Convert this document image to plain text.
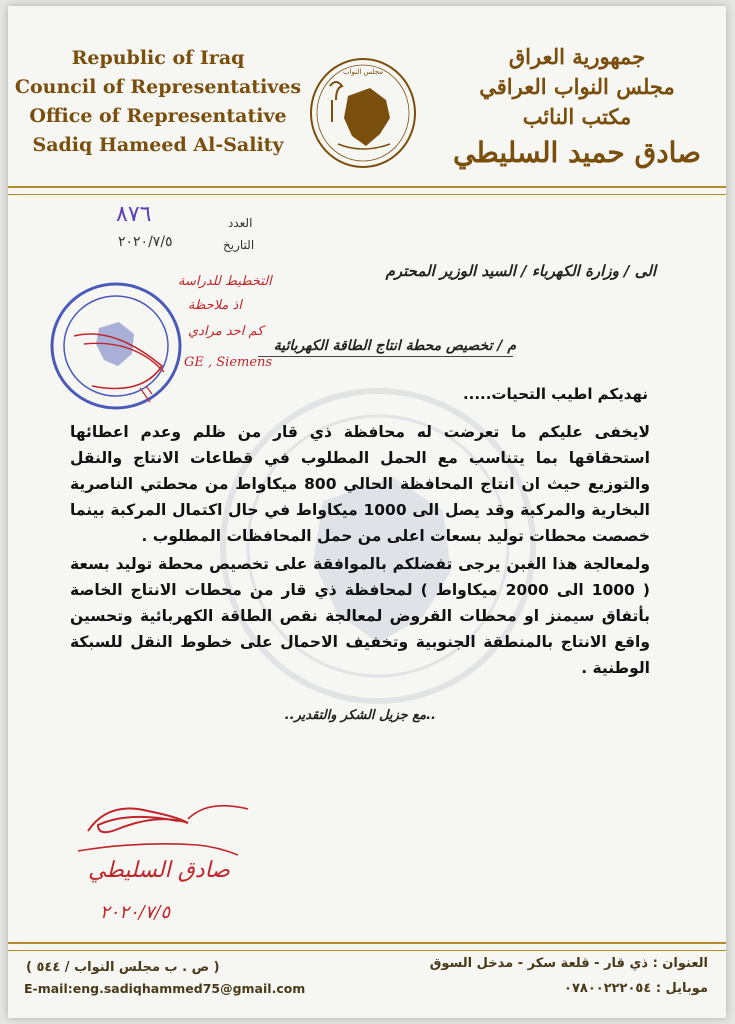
Republic of Iraq
Council of Representatives
Office of Representative
Sadiq Hameed Al-Sality
جمهورية العراق
مجلس النواب العراقي
مكتب النائب
صادق حميد السليطي
مجلس النواب
٨٧٦	العدد
التاريخ
٢٠٢٠/٧/٥
الى / وزارة الكهرباء / السيد الوزير المحترم
التخطيط للدراسة
اذ ملاحظة
كم احد مرادي
GE , Siemens
م / تخصيص محطة انتاج الطاقة الكهربائية
نهديكم اطيب التحيات.....
لايخفى عليكم ما تعرضت له محافظة ذي قار من ظلم وعدم اعطائها استحقاقها بما يتناسب مع الحمل المطلوب في قطاعات الانتاج والنقل والتوزيع حيث ان انتاج المحافظة الحالي 800 ميكاواط من محطتي الناصرية البخارية والمركبة وقد يصل الى 1000 ميكاواط في حال اكتمال المركبة بينما خصصت محطات توليد بسعات اعلى من حمل المحافظات المطلوب .
ولمعالجة هذا الغبن يرجى تفضلكم بالموافقة على تخصيص محطة توليد بسعة ( 1000 الى 2000 ميكاواط ) لمحافظة ذي قار من محطات الانتاج الخاصة بأتفاق سيمنز او محطات القروض لمعالجة نقص الطاقة الكهربائية وتحسين واقع الانتاج بالمنطقة الجنوبية وتخفيف الاحمال على خطوط النقل للسبكة الوطنية .
..مع جزيل الشكر والتقدير..
صادق السليطي
٢٠٢٠/٧/٥
العنوان : ذي قار - قلعة سكر - مدخل السوق
موبايل : ٠٧٨٠٠٢٢٢٠٥٤
( ص . ب مجلس النواب / ٥٤٤ )
E-mail:eng.sadiqhammed75@gmail.com
